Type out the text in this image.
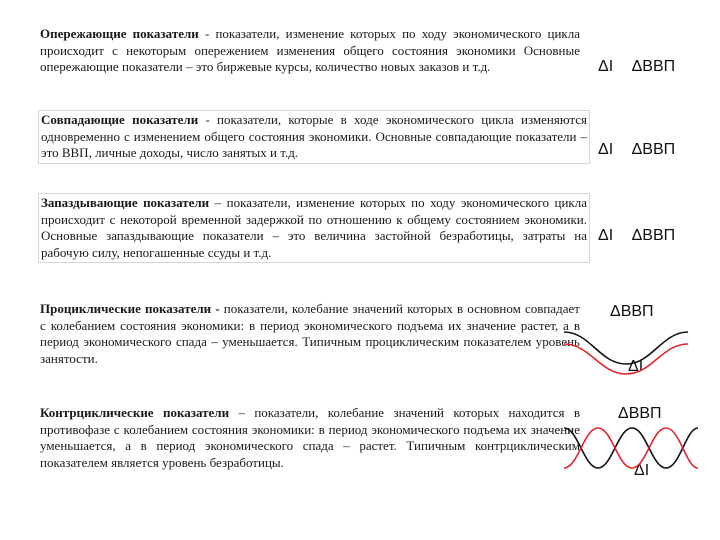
Опережающие показатели - показатели, изменение которых по ходу экономического цикла происходит с некоторым опережением изменения общего состояния экономики Основные опережающие показатели – это биржевые курсы, количество новых заказов и т.д.	ΔI ΔВВП
Совпадающие показатели - показатели, которые в ходе экономического цикла изменяются одновременно с изменением общего состояния экономики. Основные совпадающие показатели – это ВВП, личные доходы, число занятых и т.д.	ΔI ΔВВП
Запаздывающие показатели – показатели, изменение которых по ходу экономического цикла происходит с некоторой временной задержкой по отношению к общему состоянием экономики. Основные запаздывающие показатели – это величина застойной безработицы, затраты на рабочую силу, непогашенные ссуды и т.д.
ΔI ΔВВП
Проциклические показатели - показатели, колебание значений которых в основном совпадает с колебанием состояния экономики: в период экономического подъема их значение растет, а в период экономического спада – уменьшается. Типичным проциклическим показателем уровень занятости.
ΔВВП
ΔI
Контрциклические показатели – показатели, колебание значений которых находится в противофазе с колебанием состояния экономики: в период экономического подъема их значение уменьшается, а в период экономического спада – растет. Типичным контрциклическим показателем является уровень безработицы.
ΔВВП
ΔI
